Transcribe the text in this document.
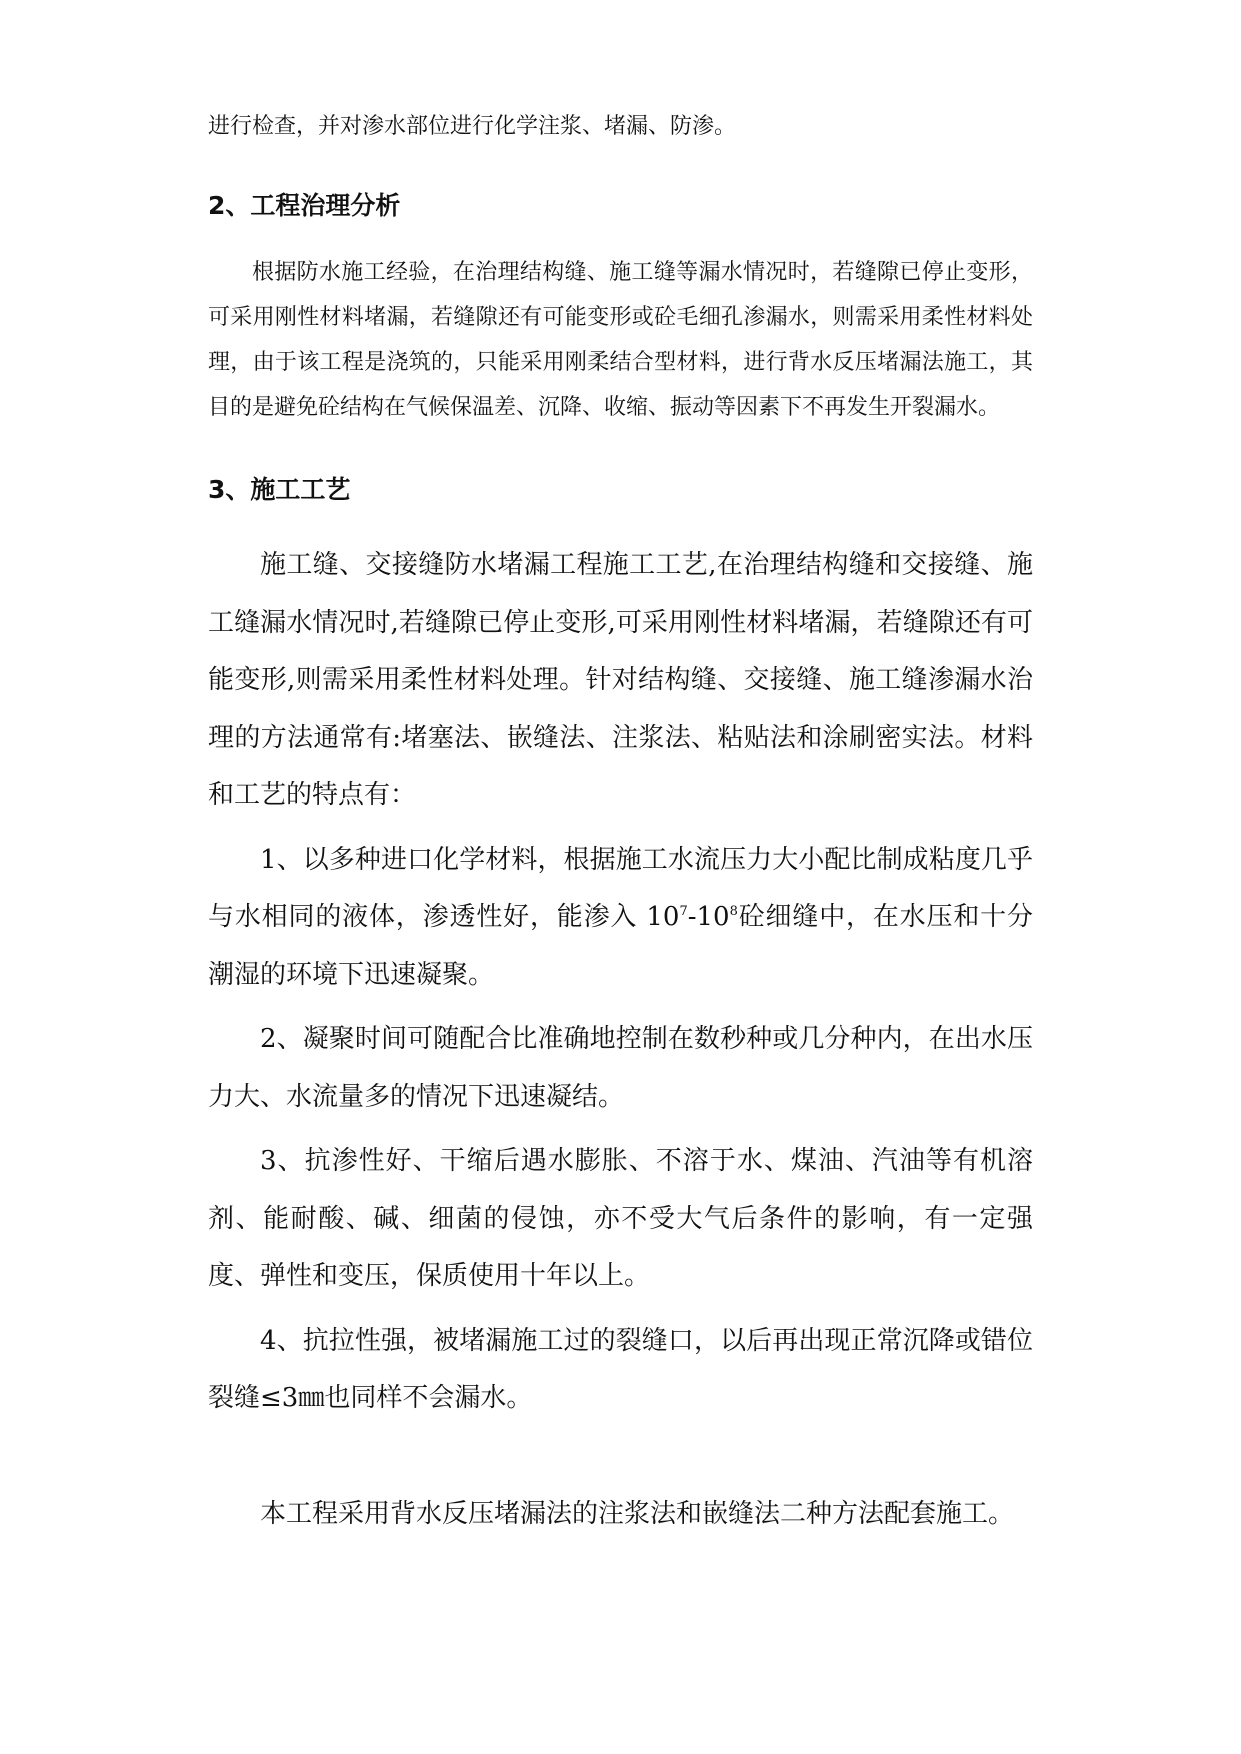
进行检查，并对渗水部位进行化学注浆、堵漏、防渗。

2、工程治理分析

根据防水施工经验，在治理结构缝、施工缝等漏水情况时，若缝隙已停止变形，可采用刚性材料堵漏，若缝隙还有可能变形或砼毛细孔渗漏水，则需采用柔性材料处理，由于该工程是浇筑的，只能采用刚柔结合型材料，进行背水反压堵漏法施工，其目的是避免砼结构在气候保温差、沉降、收缩、振动等因素下不再发生开裂漏水。

3、施工工艺

施工缝、交接缝防水堵漏工程施工工艺,在治理结构缝和交接缝、施工缝漏水情况时,若缝隙已停止变形,可采用刚性材料堵漏，若缝隙还有可能变形,则需采用柔性材料处理。针对结构缝、交接缝、施工缝渗漏水治理的方法通常有:堵塞法、嵌缝法、注浆法、粘贴法和涂刷密实法。材料和工艺的特点有：

1、以多种进口化学材料，根据施工水流压力大小配比制成粘度几乎与水相同的液体，渗透性好，能渗入 $10^7-10^8$砼细缝中，在水压和十分潮湿的环境下迅速凝聚。

2、凝聚时间可随配合比准确地控制在数秒种或几分种内，在出水压力大、水流量多的情况下迅速凝结。

3、抗渗性好、干缩后遇水膨胀、不溶于水、煤油、汽油等有机溶剂、能耐酸、碱、细菌的侵蚀，亦不受大气后条件的影响，有一定强度、弹性和变压，保质使用十年以上。

4、抗拉性强，被堵漏施工过的裂缝口，以后再出现正常沉降或错位裂缝≤3㎜也同样不会漏水。

本工程采用背水反压堵漏法的注浆法和嵌缝法二种方法配套施工。
